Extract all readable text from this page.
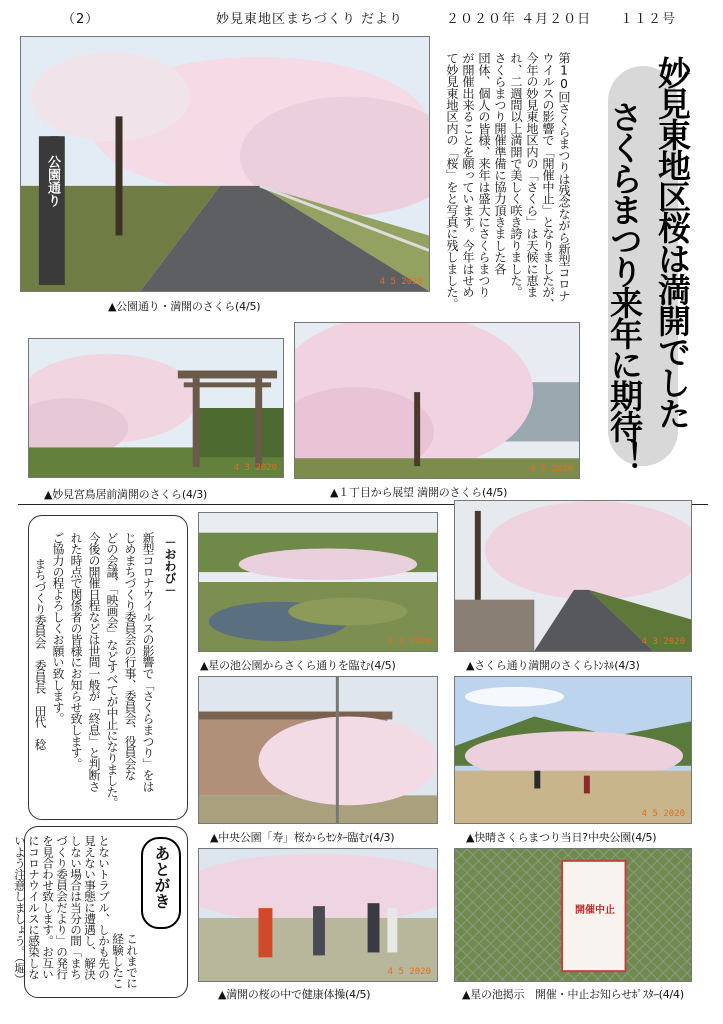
（2）	妙見東地区まちづくり だより	２０２０年 ４月２０日 １１２号
公園通り
4 5 2020
▲公園通り・満開のさくら(4/5)
第10回さくらまつりは残念ながら新型コロナ
ウイルスの影響で「開催中止」となりましたが、
今年の妙見東地区内の「さくら」は天候に恵ま
れ、二週間以上満開で美しく咲き誇りました。
さくらまつり開催準備に協力頂きました各
団体、個人の皆様、来年は盛大にさくらまつり
が開催出来ることを願っています。今年はせめ
て妙見東地区内の「桜」をと写真に残しました。	妙見東地区桜は満開でした
さくらまつり来年に期待！
4 3 2020
▲妙見宮鳥居前満開のさくら(4/3)
4 5 2020
▲１丁目から展望 満開のさくら(4/5)
－おわび－
新型コロナウイルスの影響で「さくらまつり」をは
じめまちづくり委員会の行事、委員会、役員会な
どの会議、「映画会」などすべてが中止になりました。
今後の開催日程などは世間一般が「終息」と判断さ
れた時点で関係者の皆様にお知らせ致します。
ご協力の程よろしくお願い致します。
まちづくり委員会　委員長　田代　稔	4 5 2020
▲星の池公園からさくら通りを臨む(4/5)
4 3 2020
▲さくら通り満開のさくらﾄﾝﾈﾙ(4/3)
▲中央公園「寿」桜からｾﾝﾀｰ臨む(4/3)
4 5 2020
▲快晴さくらまつり当日?中央公園(4/5)
あとがき
これまでに
経験したこ
とないトラブル、しかも先の
見えない事態に遭遇し、解決
しない場合は当分の間「まち
づくり委員会だより」の発行
を見合わせ致します。お互い
にコロナウイルスに感染しな
いよう注意しましょう。（堀）	4 5 2020
▲満開の桜の中で健康体操(4/5)
開催中止
▲星の池掲示　開催・中止お知らせﾎﾟｽﾀｰ(4/4)
